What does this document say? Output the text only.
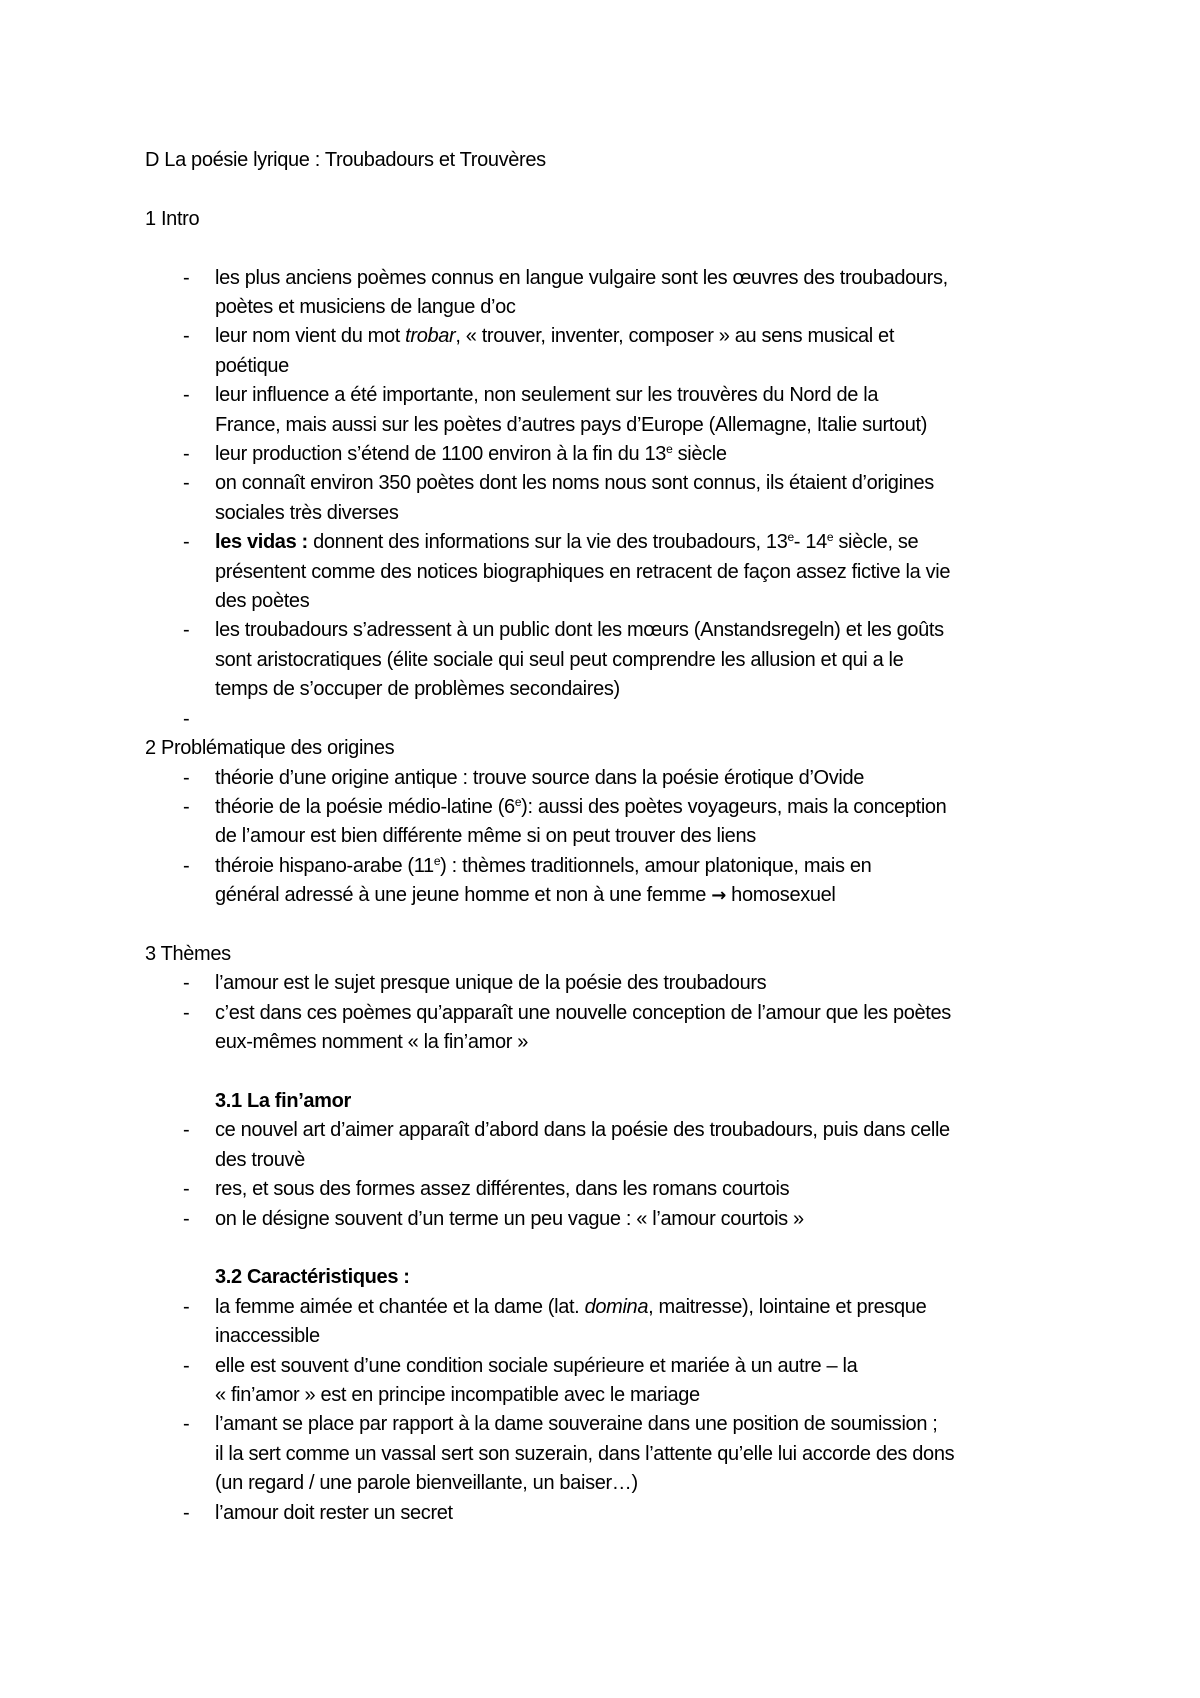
D La poésie lyrique : Troubadours et Trouvères
1 Intro
-	les plus anciens poèmes connus en langue vulgaire sont les œuvres des troubadours,
poètes et musiciens de langue d’oc
-	leur nom vient du mot trobar, « trouver, inventer, composer » au sens musical et
poétique
-	leur influence a été importante, non seulement sur les trouvères du Nord de la
France, mais aussi sur les poètes d’autres pays d’Europe (Allemagne, Italie surtout)
-	leur production s’étend de 1100 environ à la fin du 13e siècle
-	on connaît environ 350 poètes dont les noms nous sont connus, ils étaient d’origines
sociales très diverses
-	les vidas : donnent des informations sur la vie des troubadours, 13e- 14e siècle, se
présentent comme des notices biographiques en retracent de façon assez fictive la vie
des poètes
-	les troubadours s’adressent à un public dont les mœurs (Anstandsregeln) et les goûts
sont aristocratiques (élite sociale qui seul peut comprendre les allusion et qui a le
temps de s’occuper de problèmes secondaires)
-
2 Problématique des origines
-	théorie d’une origine antique : trouve source dans la poésie érotique d’Ovide
-	théorie de la poésie médio-latine (6e): aussi des poètes voyageurs, mais la conception
de l’amour est bien différente même si on peut trouver des liens
-	théroie hispano-arabe (11e) : thèmes traditionnels, amour platonique, mais en
général adressé à une jeune homme et non à une femme → homosexuel
3 Thèmes
-	l’amour est le sujet presque unique de la poésie des troubadours
-	c’est dans ces poèmes qu’apparaît une nouvelle conception de l’amour que les poètes
eux-mêmes nomment « la fin’amor »
3.1 La fin’amor
-	ce nouvel art d’aimer apparaît d’abord dans la poésie des troubadours, puis dans celle
des trouvè
-	res, et sous des formes assez différentes, dans les romans courtois
-	on le désigne souvent d’un terme un peu vague : « l’amour courtois »
3.2 Caractéristiques :
-	la femme aimée et chantée et la dame (lat. domina, maitresse), lointaine et presque
inaccessible
-	elle est souvent d’une condition sociale supérieure et mariée à un autre – la
« fin’amor » est en principe incompatible avec le mariage
-	l’amant se place par rapport à la dame souveraine dans une position de soumission ;
il la sert comme un vassal sert son suzerain, dans l’attente qu’elle lui accorde des dons
(un regard / une parole bienveillante, un baiser…)
-	l’amour doit rester un secret
